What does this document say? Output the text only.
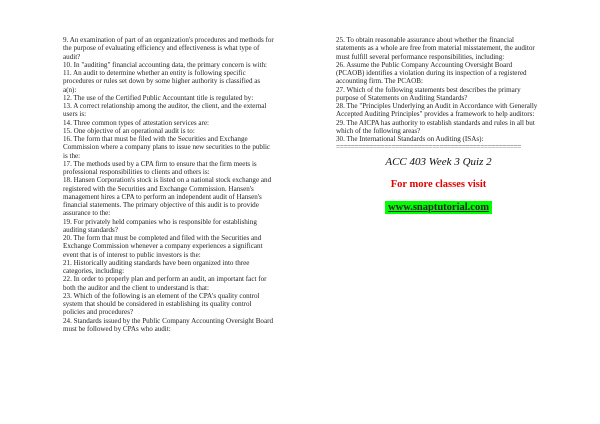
9. An examination of part of an organization's procedures and methods for the purpose of evaluating efficiency and effectiveness is what type of audit?

10. In "auditing" financial accounting data, the primary concern is with:

11. An audit to determine whether an entity is following specific procedures or rules set down by some higher authority is classified as a(n):

12. The use of the Certified Public Accountant title is regulated by:

13. A correct relationship among the auditor, the client, and the external users is:

14. Three common types of attestation services are:

15. One objective of an operational audit is to:

16. The form that must be filed with the Securities and Exchange Commission where a company plans to issue new securities to the public is the:

17. The methods used by a CPA firm to ensure that the firm meets is professional responsibilities to clients and others is:

18. Hansen Corporation's stock is listed on a national stock exchange and registered with the Securities and Exchange Commission. Hansen's management hires a CPA to perform an independent audit of Hansen's financial statements. The primary objective of this audit is to provide assurance to the:

19. For privately held companies who is responsible for establishing auditing standards?

20. The form that must be completed and filed with the Securities and Exchange Commission whenever a company experiences a significant event that is of interest to public investors is the:

21. Historically auditing standards have been organized into three categories, including:

22. In order to properly plan and perform an audit, an important fact for both the auditor and the client to understand is that:

23. Which of the following is an element of the CPA's quality control system that should be considered in establishing its quality control policies and procedures?

24. Standards issued by the Public Company Accounting Oversight Board must be followed by CPAs who audit:

25. To obtain reasonable assurance about whether the financial statements as a whole are free from material misstatement, the auditor must fulfill several performance responsibilities, including:

26. Assume the Public Company Accounting Oversight Board (PCAOB) identifies a violation during its inspection of a registered accounting firm. The PCAOB:

27. Which of the following statements best describes the primary purpose of Statements on Auditing Standards?

28. The "Principles Underlying an Audit in Accordance with Generally Accepted Auditing Principles" provides a framework to help auditors:

29. The AICPA has authority to establish standards and rules in all but which of the following areas?

30. The International Standards on Auditing (ISAs):

==================================================
ACC 403 Week 3 Quiz 2
For more classes visit
www.snaptutorial.com
